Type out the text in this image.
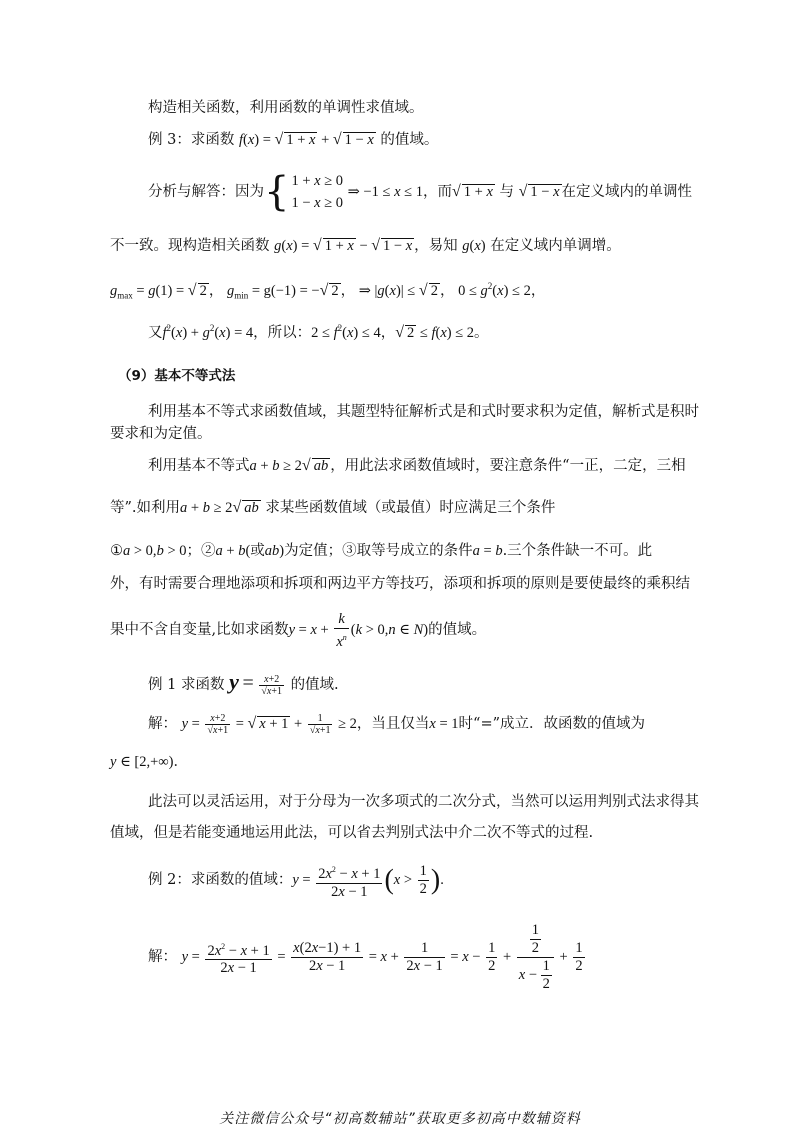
构造相关函数，利用函数的单调性求值域。
例 3：求函数 f(x) = √ 1 + x + √ 1 − x 的值域。
分析与解答：因为{ 1 + x ≥ 0
1 − x ≥ 0
⇒ −1 ≤ x ≤ 1，而√ 1 + x 与 √ 1 − x 在定义域内的单调性
不一致。现构造相关函数 g(x) = √ 1 + x − √ 1 − x ，易知 g(x) 在定义域内单调增。
$g_{max} = g(1)$ = √ 2 ， $g_{min} = g(-1)$ = −√ 2 ， ⇒ |g(x)| ≤ √ 2 ， $0 \le g^2(x) \le 2$，
又$f^2(x) + g^2(x) = 4$，所以：$2 \le f^2(x) \le 4$，√ 2 ≤ f(x) ≤ 2。
（9）基本不等式法
利用基本不等式求函数值域，其题型特征解析式是和式时要求积为定值，解析式是积时
要求和为定值。
利用基本不等式a + b ≥ 2√ ab ，用此法求函数值域时，要注意条件“一正，二定，三相
等”.如利用a + b ≥ 2√ ab 求某些函数值域（或最值）时应满足三个条件
①a > 0,b > 0；②a + b(或ab)为定值；③取等号成立的条件a = b.三个条件缺一不可。此
外，有时需要合理地添项和拆项和两边平方等技巧，添项和拆项的原则是要使最终的乘积结
果中不含自变量,比如求函数$y = x + \frac{k}{x^n} (k > 0,n$ ∈ N)的值域。
例 1 求函数 $y = \frac{x+2}{√x+1}$ 的值域.
解： $y = \frac{x+2}{√x+1}$ = √ $x + 1 + \frac{1}{√x+1} \ge 2$，当且仅当x = 1时“=”成立．故函数的值域为
y ∈ [2,+∞)．
此法可以灵活运用，对于分母为一次多项式的二次分式，当然可以运用判别式法求得其
值域，但是若能变通地运用此法，可以省去判别式法中介二次不等式的过程.
例 2：求函数的值域：$y = \frac{2x^2 - x + 1}{2x - 1} (x > \frac{1}{2}$ ).
解： $y = \frac{2x^2 - x + 1}{2x - 1} = \frac{x(2x-1) + 1}{2x - 1} = x + \frac{1}{2x - 1} = x - \frac{1}{2} + \frac{\frac{1}{2}}{x - \frac{1}{2}} + \frac{1}{2}$
关注微信公众号“初高数辅站”获取更多初高中数辅资料
